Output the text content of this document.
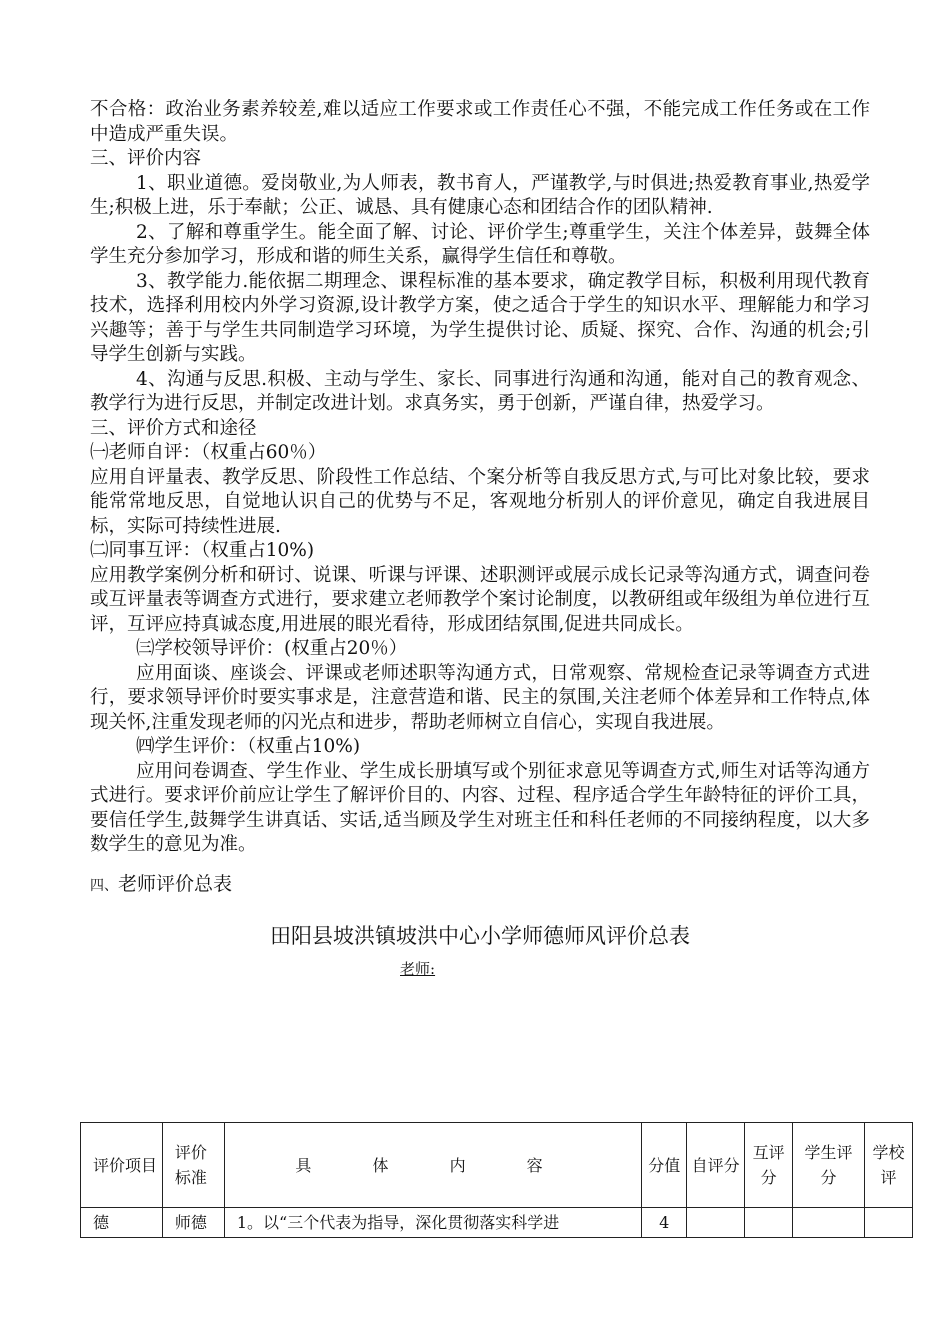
不合格：政治业务素养较差,难以适应工作要求或工作责任心不强，不能完成工作任务或在工作中造成严重失误。

三、评价内容

1、职业道德。爱岗敬业,为人师表，教书育人，严谨教学,与时俱进;热爱教育事业,热爱学生;积极上进，乐于奉献；公正、诚恳、具有健康心态和团结合作的团队精神.

2、了解和尊重学生。能全面了解、讨论、评价学生;尊重学生，关注个体差异，鼓舞全体学生充分参加学习，形成和谐的师生关系，赢得学生信任和尊敬。

3、教学能力.能依据二期理念、课程标准的基本要求，确定教学目标，积极利用现代教育技术，选择利用校内外学习资源,设计教学方案，使之适合于学生的知识水平、理解能力和学习兴趣等；善于与学生共同制造学习环境，为学生提供讨论、质疑、探究、合作、沟通的机会;引导学生创新与实践。

4、沟通与反思.积极、主动与学生、家长、同事进行沟通和沟通，能对自己的教育观念、教学行为进行反思，并制定改进计划。求真务实，勇于创新，严谨自律，热爱学习。

三、评价方式和途径

㈠老师自评：（权重占60％）

应用自评量表、教学反思、阶段性工作总结、个案分析等自我反思方式,与可比对象比较，要求能常常地反思，自觉地认识自己的优势与不足，客观地分析别人的评价意见，确定自我进展目标，实际可持续性进展.

㈡同事互评：（权重占10%)

应用教学案例分析和研讨、说课、听课与评课、述职测评或展示成长记录等沟通方式，调查问卷或互评量表等调查方式进行，要求建立老师教学个案讨论制度，以教研组或年级组为单位进行互评，互评应持真诚态度,用进展的眼光看待，形成团结氛围,促进共同成长。

㈢学校领导评价：(权重占20％）

应用面谈、座谈会、评课或老师述职等沟通方式，日常观察、常规检查记录等调查方式进行，要求领导评价时要实事求是，注意营造和谐、民主的氛围,关注老师个体差异和工作特点,体现关怀,注重发现老师的闪光点和进步，帮助老师树立自信心，实现自我进展。

㈣学生评价：（权重占10%)

应用问卷调查、学生作业、学生成长册填写或个别征求意见等调查方式,师生对话等沟通方式进行。要求评价前应让学生了解评价目的、内容、过程、程序适合学生年龄特征的评价工具，要信任学生,鼓舞学生讲真话、实话,适当顾及学生对班主任和科任老师的不同接纳程度，以大多数学生的意见为准。

四、老师评价总表
田阳县坡洪镇坡洪中心小学师德师风评价总表
老师:
评价项目	评价标准	具 体 内 容	分值	自评分	互评分	学生评分	学校评
德	师德	1。以“三个代表为指导，深化贯彻落实科学进	4				
